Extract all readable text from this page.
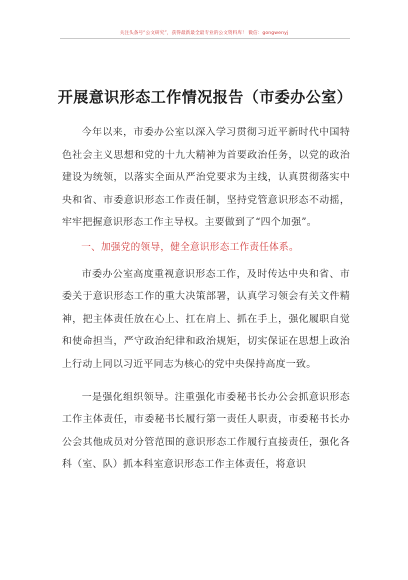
关注头条号“公文研究”，获得最新最全最专业的公文资料库！ 微信：gongwenyj
开展意识形态工作情况报告（市委办公室）

今年以来，市委办公室以深入学习贯彻习近平新时代中国特色社会主义思想和党的十九大精神为首要政治任务，以党的政治建设为统领，以落实全面从严治党要求为主线，认真贯彻落实中央和省、市委意识形态工作责任制，坚持党管意识形态不动摇，牢牢把握意识形态工作主导权。主要做到了“四个加强”。

一、加强党的领导，健全意识形态工作责任体系。

市委办公室高度重视意识形态工作，及时传达中央和省、市委关于意识形态工作的重大决策部署，认真学习领会有关文件精神，把主体责任放在心上、扛在肩上、抓在手上，强化履职自觉和使命担当，严守政治纪律和政治规矩，切实保证在思想上政治上行动上同以习近平同志为核心的党中央保持高度一致。

一是强化组织领导。注重强化市委秘书长办公会抓意识形态工作主体责任，市委秘书长履行第一责任人职责，市委秘书长办公会其他成员对分管范围的意识形态工作履行直接责任，强化各科（室、队）抓本科室意识形态工作主体责任，将意识
